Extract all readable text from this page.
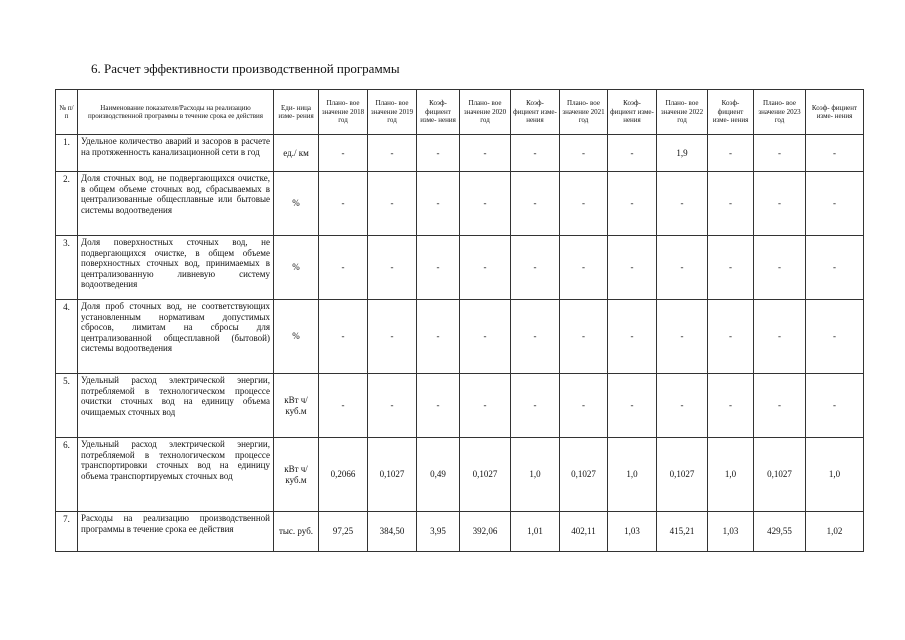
6. Расчет эффективности производственной программы
№ п/п	Наименование показателя/Расходы на реализацию производственной программы в течение срока ее действия	Еди- ница изме- рения	Плано- вое значение 2018 год	Плано- вое значение 2019 год	Коэф- фициент изме- нения	Плано- вое значение 2020 год	Коэф- фициент изме- нения	Плано- вое значение 2021 год	Коэф- фициент изме- нения	Плано- вое значение 2022 год	Коэф- фициент изме- нения	Плано- вое значение 2023 год	Коэф- фициент изме- нения
1.	Удельное количество аварий и засоров в расчете на протяженность канализационной сети в год	ед./ км	-	-	-	-	-	-	-	1,9	-	-	-
2.	Доля сточных вод, не подвергающихся очистке, в общем объеме сточных вод, сбрасываемых в централизованные общесплавные или бытовые системы водоотведения	%	-	-	-	-	-	-	-	-	-	-	-
3.	Доля поверхностных сточных вод, не подвергающихся очистке, в общем объеме поверхностных сточных вод, принимаемых в централизованную ливневую систему водоотведения	%	-	-	-	-	-	-	-	-	-	-	-
4.	Доля проб сточных вод, не соответствующих установленным нормативам допустимых сбросов, лимитам на сбросы для централизованной общесплавной (бытовой) системы водоотведения	%	-	-	-	-	-	-	-	-	-	-	-
5.	Удельный расход электрической энергии, потребляемой в технологическом процессе очистки сточных вод на единицу объема очищаемых сточных вод	кВт ч/куб.м	-	-	-	-	-	-	-	-	-	-	-
6.	Удельный расход электрической энергии, потребляемой в технологическом процессе транспортировки сточных вод на единицу объема транспортируемых сточных вод	кВт ч/куб.м	0,2066	0,1027	0,49	0,1027	1,0	0,1027	1,0	0,1027	1,0	0,1027	1,0
7.	Расходы на реализацию производственной программы в течение срока ее действия	тыс. руб.	97,25	384,50	3,95	392,06	1,01	402,11	1,03	415,21	1,03	429,55	1,02
